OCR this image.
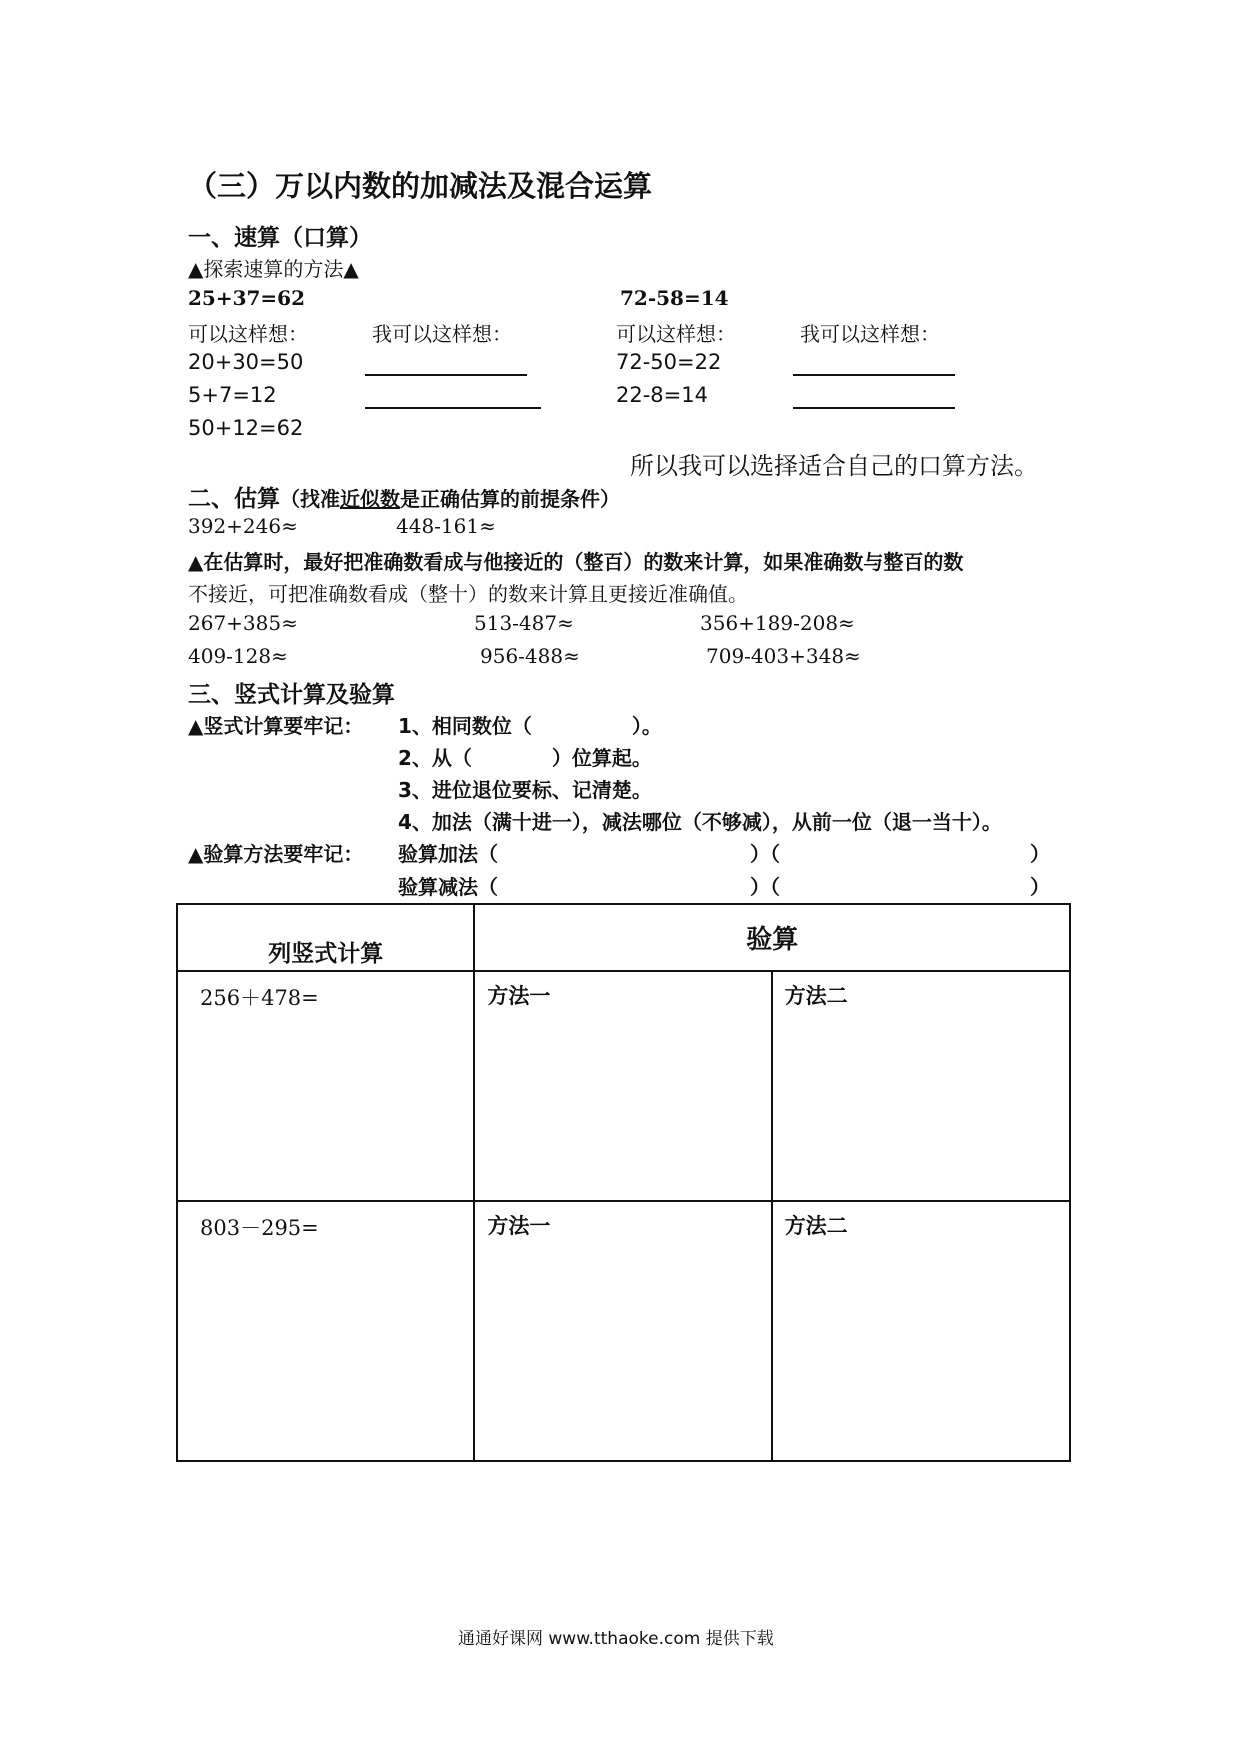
（三）万以内数的加减法及混合运算
一、速算（口算）
▲探索速算的方法▲
25+37=62	72-58=14
可以这样想：	我可以这样想：	可以这样想：	我可以这样想：
20+30=50
5+7=12
50+12=62
72-50=22
22-8=14
所以我可以选择适合自己的口算方法。
二、估算（找准近似数是正确估算的前提条件）
392+246≈	448-161≈
▲在估算时，最好把准确数看成与他接近的（整百）的数来计算，如果准确数与整百的数
不接近，可把准确数看成（整十）的数来计算且更接近准确值。
267+385≈	513-487≈	356+189-208≈
409-128≈	956-488≈	709-403+348≈
三、竖式计算及验算
▲竖式计算要牢记： 1、相同数位（　　　　　）。
2、从（　　　　）位算起。
3、进位退位要标、记清楚。
4、加法（满十进一），减法哪位（不够减），从前一位（退一当十）。
▲验算方法要牢记： 验算加法（	）（	）
验算减法（	）（	）
列竖式计算	验算	

256＋478=	方法一	方法二

803－295=	方法一	方法二
通通好课网 www.tthaoke.com 提供下载
